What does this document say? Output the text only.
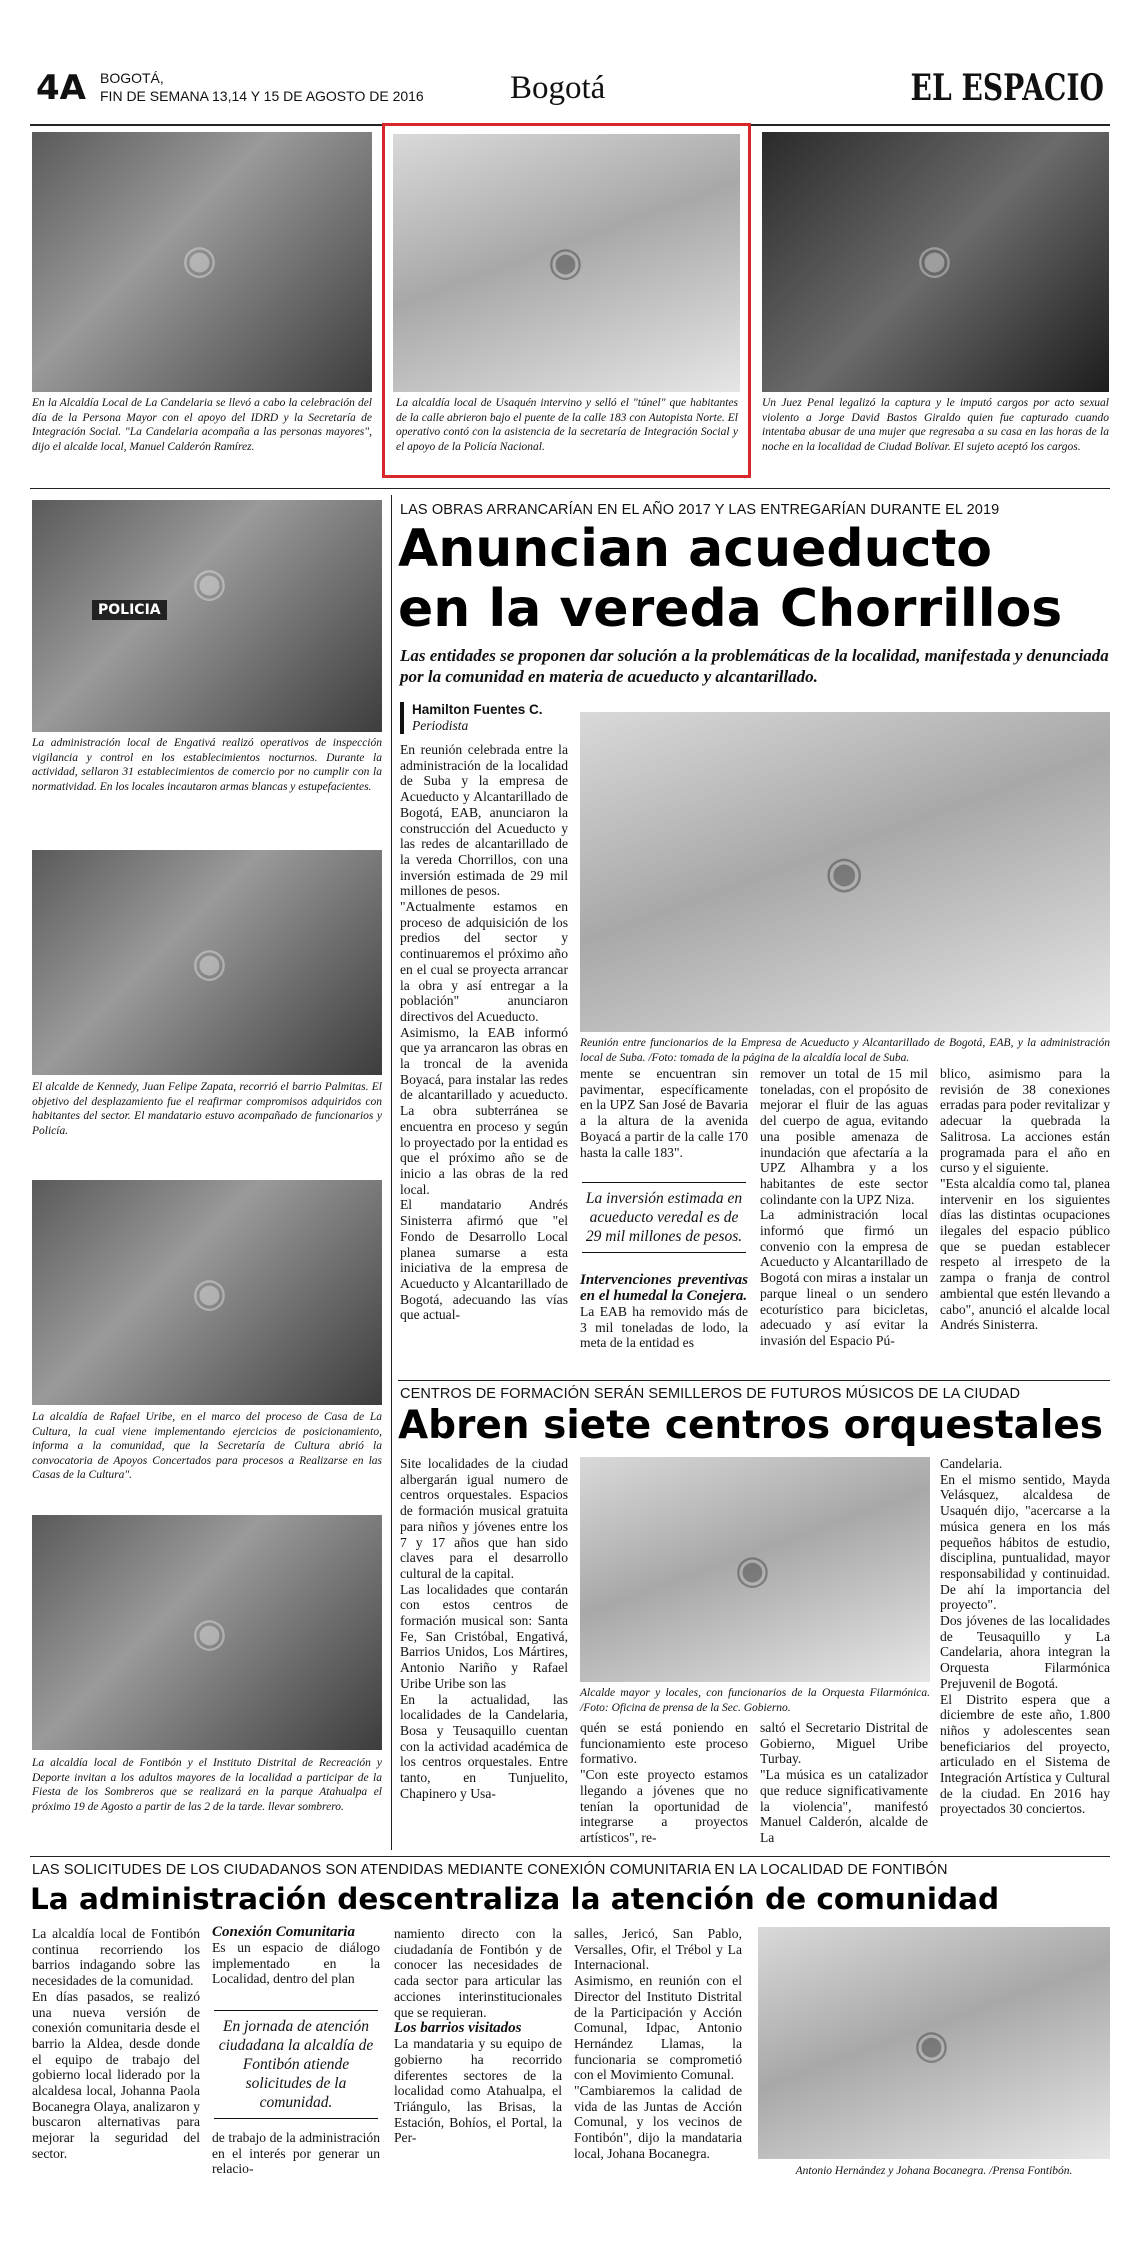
4A BOGOTÁ,
FIN DE SEMANA 13,14 Y 15 DE AGOSTO DE 2016	Bogotá	EL ESPACIO
◉
En la Alcaldía Local de La Candelaria se llevó a cabo la celebración del día de la Persona Mayor con el apoyo del IDRD y la Secretaría de Integración Social. "La Candelaria acompaña a las personas mayores", dijo el alcalde local, Manuel Calderón Ramírez.
◉
La alcaldía local de Usaquén intervino y selló el "túnel" que habitantes de la calle abrieron bajo el puente de la calle 183 con Autopista Norte. El operativo contó con la asistencia de la secretaría de Integración Social y el apoyo de la Policía Nacional.
◉
Un Juez Penal legalizó la captura y le imputó cargos por acto sexual violento a Jorge David Bastos Giraldo quien fue capturado cuando intentaba abusar de una mujer que regresaba a su casa en las horas de la noche en la localidad de Ciudad Bolívar. El sujeto aceptó los cargos.
POLICIA
◉
La administración local de Engativá realizó operativos de inspección vigilancia y control en los establecimientos nocturnos. Durante la actividad, sellaron 31 establecimientos de comercio por no cumplir con la normatividad. En los locales incautaron armas blancas y estupefacientes.
◉
El alcalde de Kennedy, Juan Felipe Zapata, recorrió el barrio Palmitas. El objetivo del desplazamiento fue el reafirmar compromisos adquiridos con habitantes del sector. El mandatario estuvo acompañado de funcionarios y Policía.
◉
La alcaldía de Rafael Uribe, en el marco del proceso de Casa de La Cultura, la cual viene implementando ejercicios de posicionamiento, informa a la comunidad, que la Secretaría de Cultura abrió la convocatoria de Apoyos Concertados para procesos a Realizarse en las Casas de la Cultura".
◉
La alcaldía local de Fontibón y el Instituto Distrital de Recreación y Deporte invitan a los adultos mayores de la localidad a participar de la Fiesta de los Sombreros que se realizará en la parque Atahualpa el próximo 19 de Agosto a partir de las 2 de la tarde. llevar sombrero.
LAS OBRAS ARRANCARÍAN EN EL AÑO 2017 Y LAS ENTREGARÍAN DURANTE EL 2019
Anuncian acueducto
en la vereda Chorrillos
Las entidades se proponen dar solución a la problemáticas de la localidad, manifestada y denunciada por la comunidad en materia de acueducto y alcantarillado.
Hamilton Fuentes C.
Periodista

En reunión celebrada entre la administración de la localidad de Suba y la empresa de Acueducto y Alcantarillado de Bogotá, EAB, anunciaron la construcción del Acueducto y las redes de alcantarillado de la vereda Chorrillos, con una inversión estimada de 29 mil millones de pesos.

"Actualmente estamos en proceso de adquisición de los predios del sector y continuaremos el próximo año en el cual se proyecta arrancar la obra y así entregar a la población" anunciaron directivos del Acueducto.

Asimismo, la EAB informó que ya arrancaron las obras en la troncal de la avenida Boyacá, para instalar las redes de alcantarillado y acueducto. La obra subterránea se encuentra en proceso y según lo proyectado por la entidad es que el próximo año se de inicio a las obras de la red local.

El mandatario Andrés Sinisterra afirmó que "el Fondo de Desarrollo Local planea sumarse a esta iniciativa de la empresa de Acueducto y Alcantarillado de Bogotá, adecuando las vías que actual-

◉
Reunión entre funcionarios de la Empresa de Acueducto y Alcantarillado de Bogotá, EAB, y la administración local de Suba. /Foto: tomada de la página de la alcaldía local de Suba.

mente se encuentran sin pavimentar, específicamente en la UPZ San José de Bavaria a la altura de la avenida Boyacá a partir de la calle 170 hasta la calle 183".

La inversión estimada en acueducto veredal es de 29 mil millones de pesos.

Intervenciones preventivas en el humedal la Conejera.

La EAB ha removido más de 3 mil toneladas de lodo, la meta de la entidad es

remover un total de 15 mil toneladas, con el propósito de mejorar el fluir de las aguas del cuerpo de agua, evitando una posible amenaza de inundación que afectaría a la UPZ Alhambra y a los habitantes de este sector colindante con la UPZ Niza.

La administración local informó que firmó un convenio con la empresa de Acueducto y Alcantarillado de Bogotá con miras a instalar un parque lineal o un sendero ecoturístico para bicicletas, adecuado y así evitar la invasión del Espacio Pú-

blico, asimismo para la revisión de 38 conexiones erradas para poder revitalizar y adecuar la quebrada la Salitrosa. La acciones están programada para el año en curso y el siguiente.

"Esta alcaldía como tal, planea intervenir en los siguientes días las distintas ocupaciones ilegales del espacio público que se puedan establecer respeto al irrespeto de la zampa o franja de control ambiental que estén llevando a cabo", anunció el alcalde local Andrés Sinisterra.

CENTROS DE FORMACIÓN SERÁN SEMILLEROS DE FUTUROS MÚSICOS DE LA CIUDAD
Abren siete centros orquestales

Site localidades de la ciudad albergarán igual numero de centros orquestales. Espacios de formación musical gratuita para niños y jóvenes entre los 7 y 17 años que han sido claves para el desarrollo cultural de la capital.

Las localidades que contarán con estos centros de formación musical son: Santa Fe, San Cristóbal, Engativá, Barrios Unidos, Los Mártires, Antonio Nariño y Rafael Uribe Uribe son las

En la actualidad, las localidades de la Candelaria, Bosa y Teusaquillo cuentan con la actividad académica de los centros orquestales. Entre tanto, en Tunjuelito, Chapinero y Usa-

◉
Alcalde mayor y locales, con funcionarios de la Orquesta Filarmónica. /Foto: Oficina de prensa de la Sec. Gobierno.

quén se está poniendo en funcionamiento este proceso formativo.

"Con este proyecto estamos llegando a jóvenes que no tenían la oportunidad de integrarse a proyectos artísticos", re-

saltó el Secretario Distrital de Gobierno, Miguel Uribe Turbay.

"La música es un catalizador que reduce significativamente la violencia", manifestó Manuel Calderón, alcalde de La

Candelaria.

En el mismo sentido, Mayda Velásquez, alcaldesa de Usaquén dijo, "acercarse a la música genera en los más pequeños hábitos de estudio, disciplina, puntualidad, mayor responsabilidad y continuidad. De ahí la importancia del proyecto".

Dos jóvenes de las localidades de Teusaquillo y La Candelaria, ahora integran la Orquesta Filarmónica Prejuvenil de Bogotá.

El Distrito espera que a diciembre de este año, 1.800 niños y adolescentes sean beneficiarios del proyecto, articulado en el Sistema de Integración Artística y Cultural de la ciudad. En 2016 hay proyectados 30 conciertos.

LAS SOLICITUDES DE LOS CIUDADANOS SON ATENDIDAS MEDIANTE CONEXIÓN COMUNITARIA EN LA LOCALIDAD DE FONTIBÓN
La administración descentraliza la atención de comunidad

La alcaldía local de Fontibón continua recorriendo los barrios indagando sobre las necesidades de la comunidad.

En días pasados, se realizó una nueva versión de conexión comunitaria desde el barrio la Aldea, desde donde el equipo de trabajo del gobierno local liderado por la alcaldesa local, Johanna Paola Bocanegra Olaya, analizaron y buscaron alternativas para mejorar la seguridad del sector.

Conexión Comunitaria

Es un espacio de diálogo implementado en la Localidad, dentro del plan

En jornada de atención ciudadana la alcaldía de Fontibón atiende solicitudes de la comunidad.

de trabajo de la administración en el interés por generar un relacio-

namiento directo con la ciudadanía de Fontibón y de conocer las necesidades de cada sector para articular las acciones interinstitucionales que se requieran.

Los barrios visitados

La mandataria y su equipo de gobierno ha recorrido diferentes sectores de la localidad como Atahualpa, el Triángulo, las Brisas, la Estación, Bohíos, el Portal, la Per-

salles, Jericó, San Pablo, Versalles, Ofir, el Trébol y La Internacional.

Asimismo, en reunión con el Director del Instituto Distrital de la Participación y Acción Comunal, Idpac, Antonio Hernández Llamas, la funcionaria se comprometió con el Movimiento Comunal.

"Cambiaremos la calidad de vida de las Juntas de Acción Comunal, y los vecinos de Fontibón", dijo la mandataria local, Johana Bocanegra.

◉
Antonio Hernández y Johana Bocanegra. /Prensa Fontibón.
